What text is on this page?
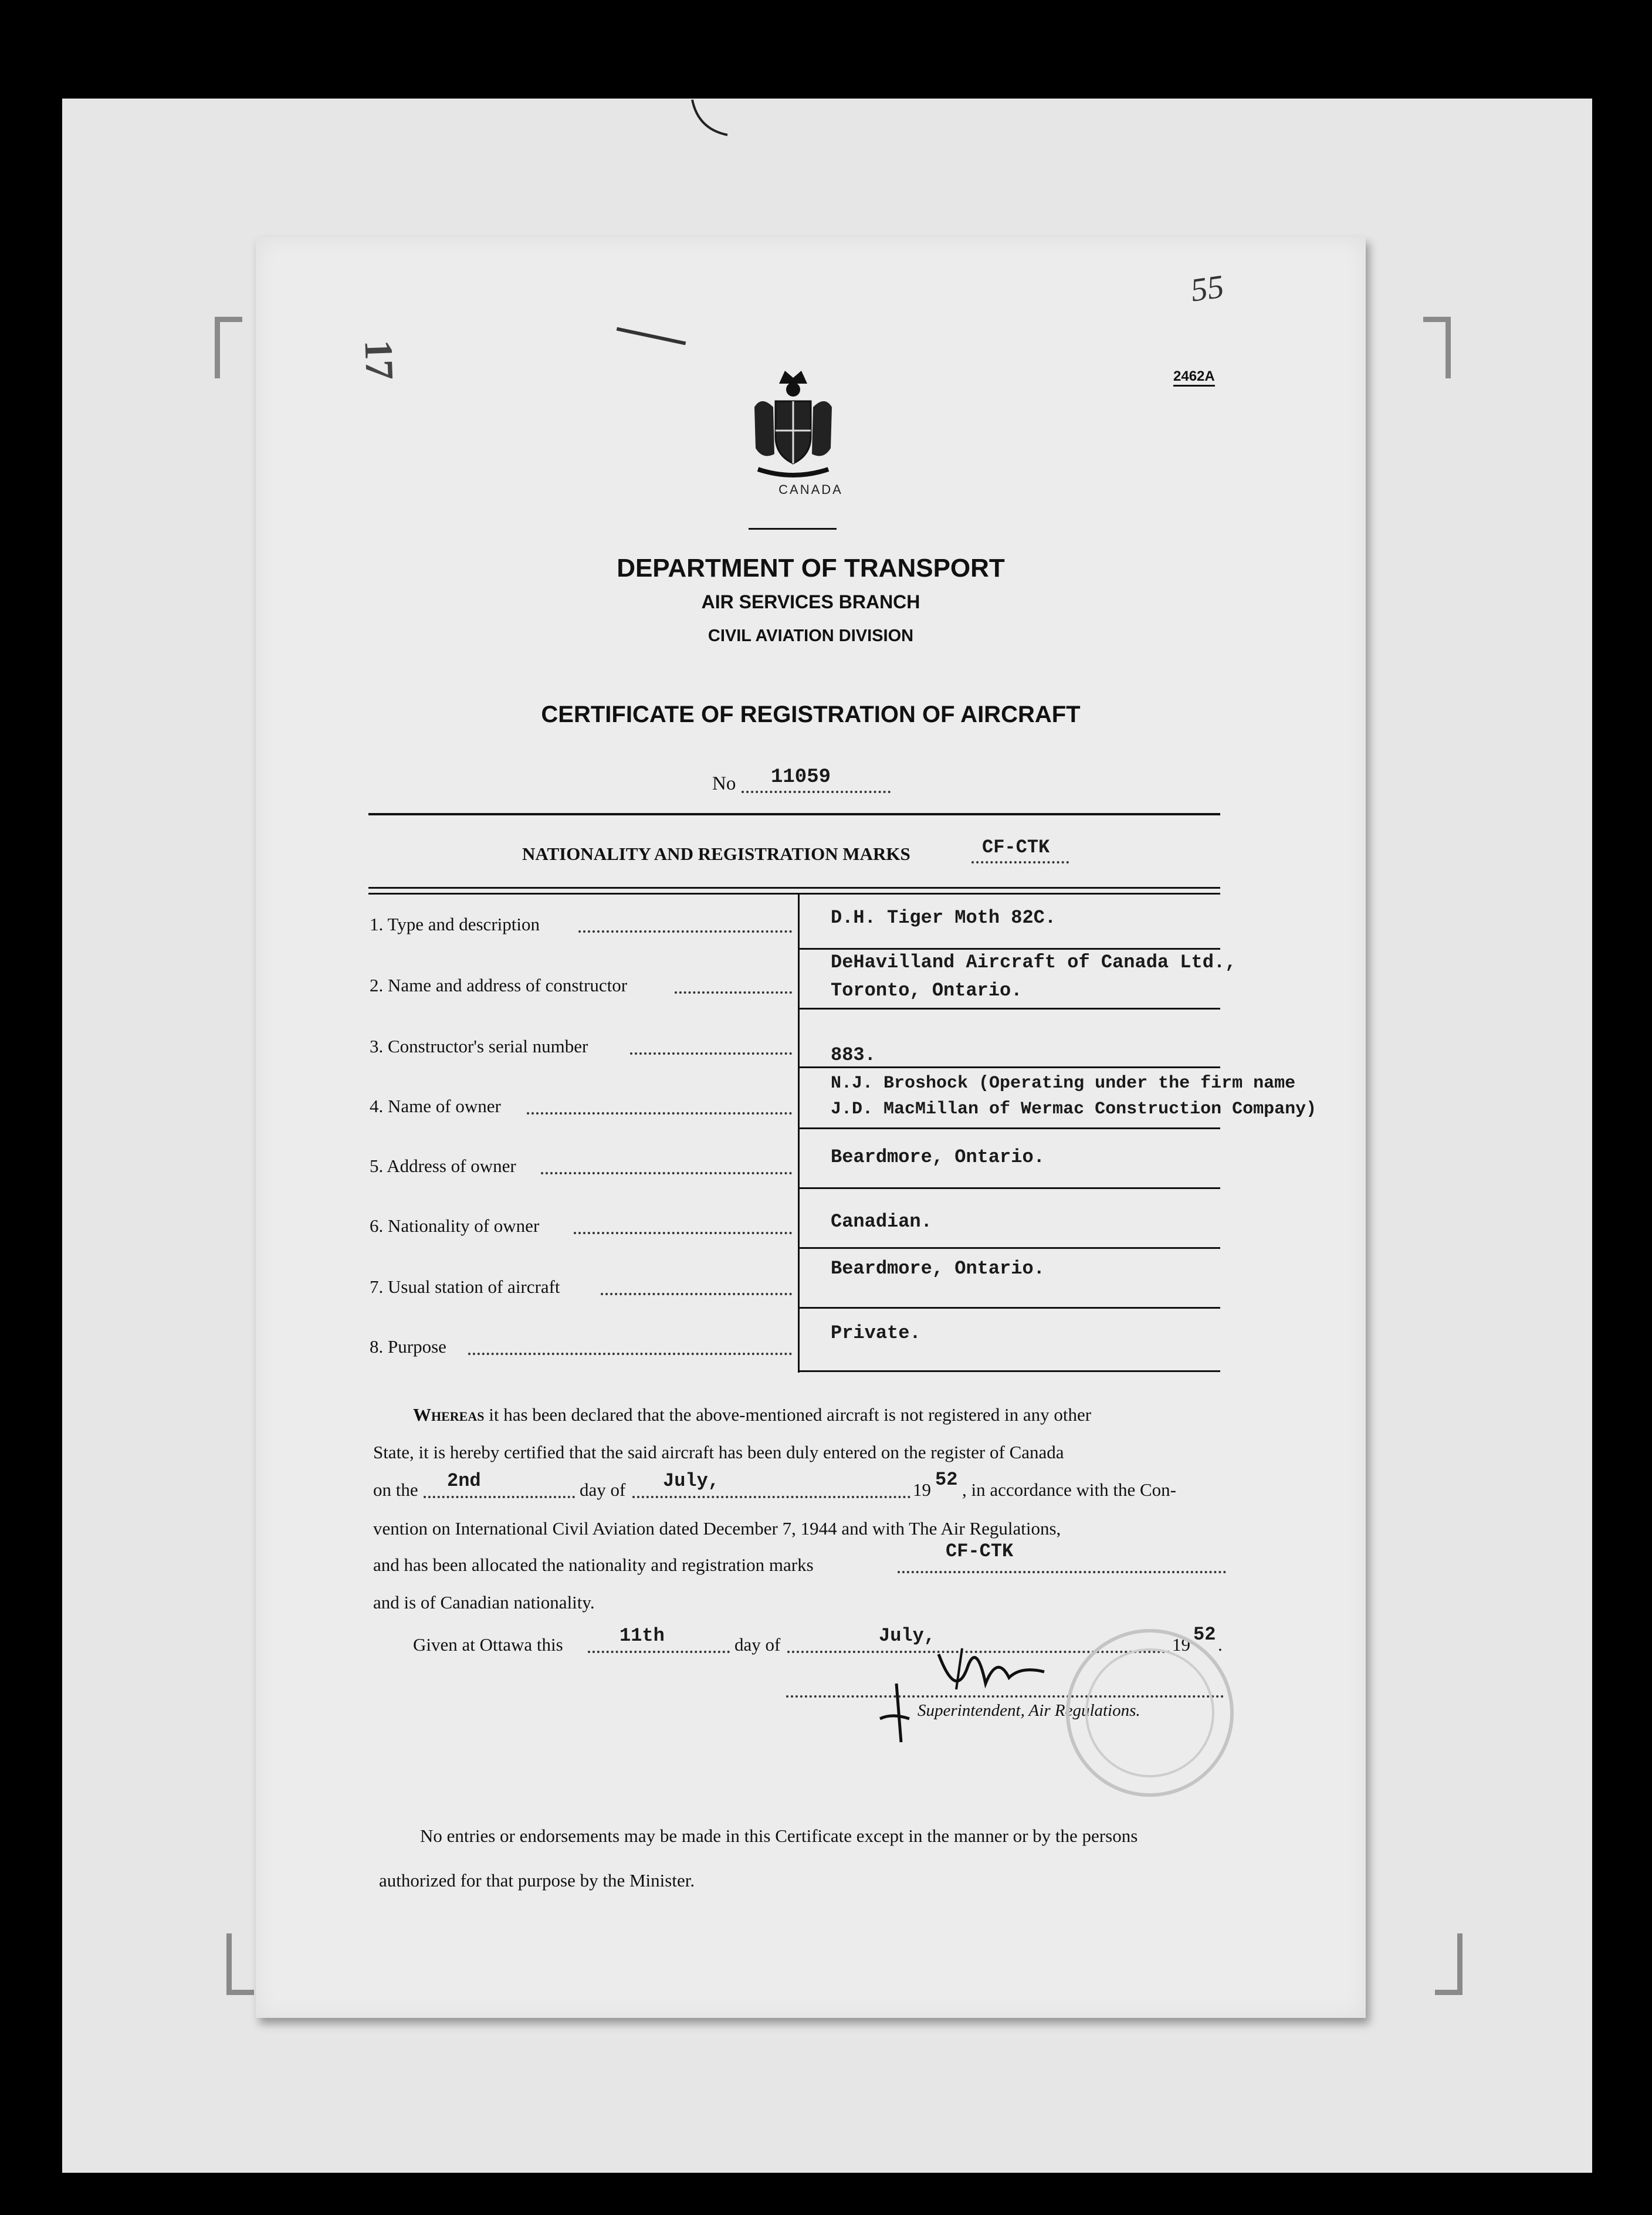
55
17	2462A
CANADA
DEPARTMENT OF TRANSPORT
AIR SERVICES BRANCH
CIVIL AVIATION DIVISION
CERTIFICATE OF REGISTRATION OF AIRCRAFT
No 11059
NATIONALITY AND REGISTRATION MARKS	CF-CTK
1. Type and description	D.H. Tiger Moth 82C.
2. Name and address of constructor
DeHavilland Aircraft of Canada Ltd.,
Toronto, Ontario.
3. Constructor's serial number	883.
4. Name of owner
N.J. Broshock (Operating under the firm name
J.D. MacMillan of Wermac Construction Company)
5. Address of owner	Beardmore, Ontario.
6. Nationality of owner	Canadian.
7. Usual station of aircraft
Beardmore, Ontario.
8. Purpose
Private.
Whereas it has been declared that the above-mentioned aircraft is not registered in any other
State, it is hereby certified that the said aircraft has been duly entered on the register of Canada
on the 2nd	day of July,	19 52 , in accordance with the Con-
vention on International Civil Aviation dated December 7, 1944 and with The Air Regulations,
and has been allocated the nationality and registration marks
CF-CTK
and is of Canadian nationality.
Given at Ottawa this	11th	day of	July,	19 52 .
Superintendent, Air Regulations.
No entries or endorsements may be made in this Certificate except in the manner or by the persons
authorized for that purpose by the Minister.
